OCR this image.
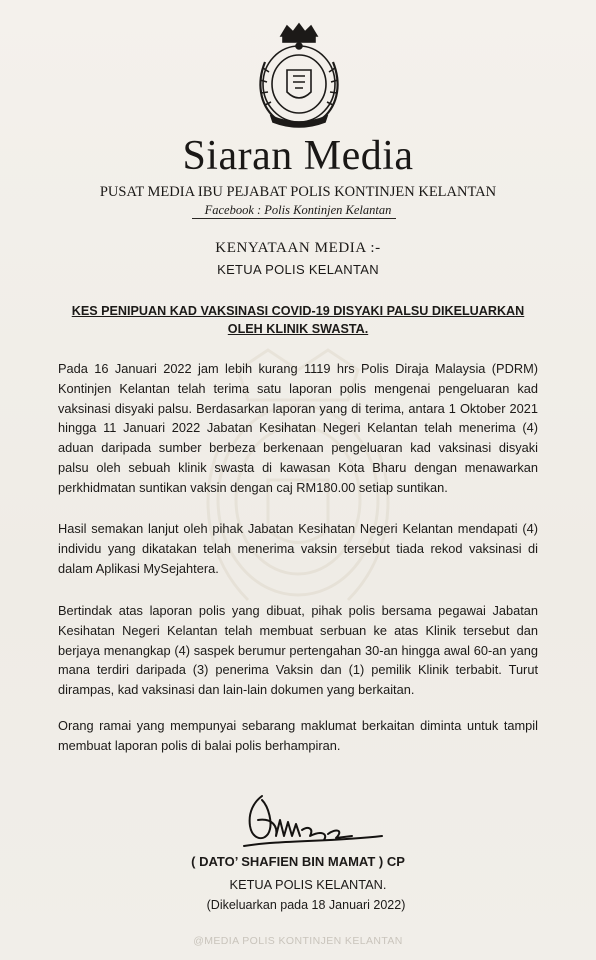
Siaran Media
PUSAT MEDIA IBU PEJABAT POLIS KONTINJEN KELANTAN
Facebook : Polis Kontinjen Kelantan
KENYATAAN MEDIA :-
KETUA POLIS KELANTAN
KES PENIPUAN KAD VAKSINASI COVID-19 DISYAKI PALSU DIKELUARKAN
OLEH KLINIK SWASTA.
Pada 16 Januari 2022 jam lebih kurang 1119 hrs Polis Diraja Malaysia (PDRM) Kontinjen Kelantan telah terima satu laporan polis mengenai pengeluaran kad vaksinasi disyaki palsu. Berdasarkan laporan yang di terima, antara 1 Oktober 2021 hingga 11 Januari 2022 Jabatan Kesihatan Negeri Kelantan telah menerima (4) aduan daripada sumber berbeza berkenaan pengeluaran kad vaksinasi disyaki palsu oleh sebuah klinik swasta di kawasan Kota Bharu dengan menawarkan perkhidmatan suntikan vaksin dengan caj RM180.00 setiap suntikan.
Hasil semakan lanjut oleh pihak Jabatan Kesihatan Negeri Kelantan mendapati (4) individu yang dikatakan telah menerima vaksin tersebut tiada rekod vaksinasi di dalam Aplikasi MySejahtera.
Bertindak atas laporan polis yang dibuat, pihak polis bersama pegawai Jabatan Kesihatan Negeri Kelantan telah membuat serbuan ke atas Klinik tersebut dan berjaya menangkap (4) saspek berumur pertengahan 30-an hingga awal 60-an yang mana terdiri daripada (3) penerima Vaksin dan (1) pemilik Klinik terbabit. Turut dirampas, kad vaksinasi dan lain-lain dokumen yang berkaitan.
Orang ramai yang mempunyai sebarang maklumat berkaitan diminta untuk tampil membuat laporan polis di balai polis berhampiran.
( DATO’ SHAFIEN BIN MAMAT ) CP
KETUA POLIS KELANTAN.
(Dikeluarkan pada 18 Januari 2022)
@MEDIA POLIS KONTINJEN KELANTAN
